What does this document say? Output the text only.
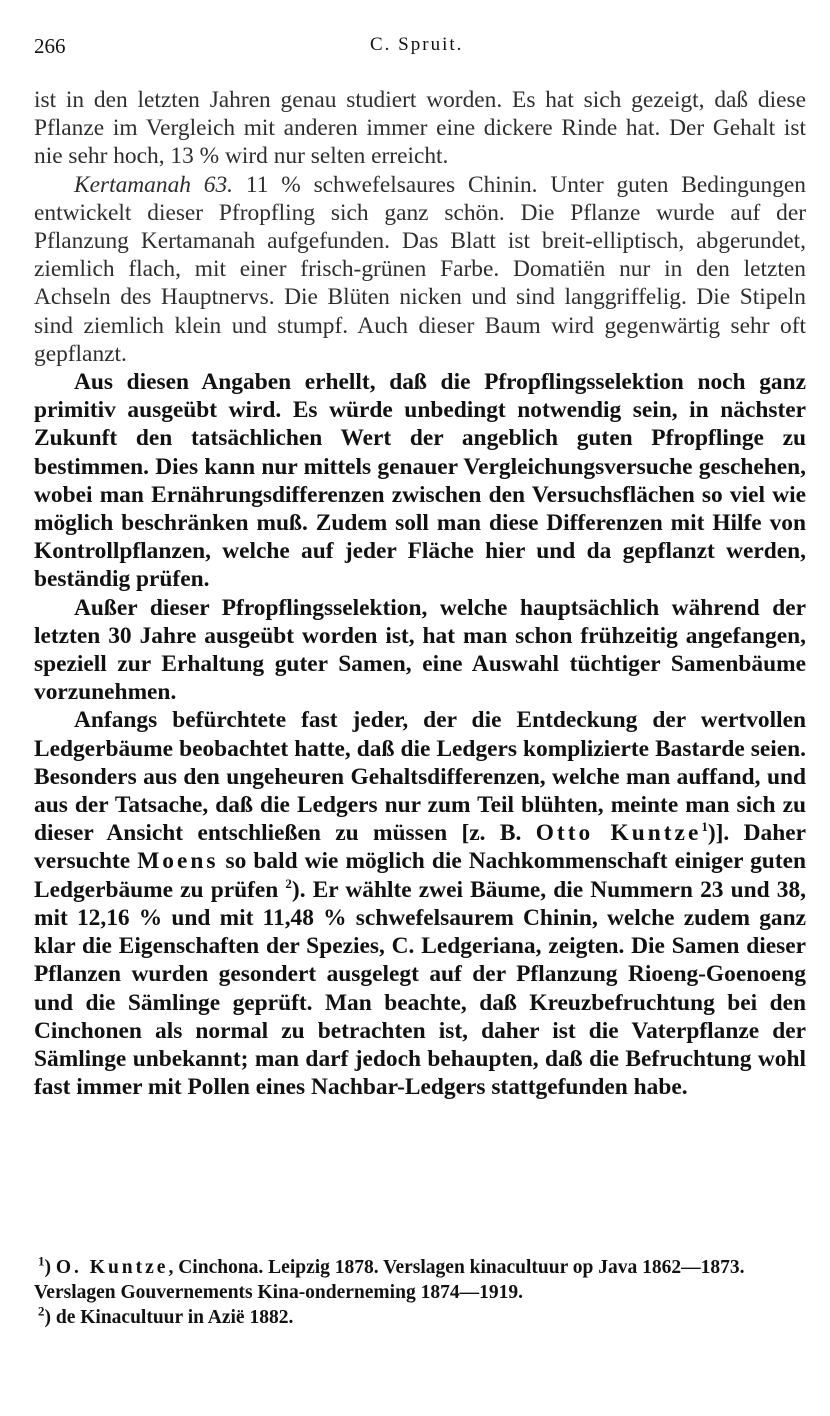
266	C. Spruit.

ist in den letzten Jahren genau studiert worden. Es hat sich gezeigt, daß diese Pflanze im Vergleich mit anderen immer eine dickere Rinde hat. Der Gehalt ist nie sehr hoch, 13 % wird nur selten erreicht.

Kertamanah 63. 11 % schwefelsaures Chinin. Unter guten Bedingungen entwickelt dieser Pfropfling sich ganz schön. Die Pflanze wurde auf der Pflanzung Kertamanah aufgefunden. Das Blatt ist breit-elliptisch, abgerundet, ziemlich flach, mit einer frisch-grünen Farbe. Domatiën nur in den letzten Achseln des Hauptnervs. Die Blüten nicken und sind langgriffelig. Die Stipeln sind ziemlich klein und stumpf. Auch dieser Baum wird gegenwärtig sehr oft gepflanzt.

Aus diesen Angaben erhellt, daß die Pfropflingsselektion noch ganz primitiv ausgeübt wird. Es würde unbedingt notwendig sein, in nächster Zukunft den tatsächlichen Wert der angeblich guten Pfropflinge zu bestimmen. Dies kann nur mittels genauer Vergleichungsversuche geschehen, wobei man Ernährungsdifferenzen zwischen den Versuchsflächen so viel wie möglich beschränken muß. Zudem soll man diese Differenzen mit Hilfe von Kontrollpflanzen, welche auf jeder Fläche hier und da gepflanzt werden, beständig prüfen.

Außer dieser Pfropflingsselektion, welche hauptsächlich während der letzten 30 Jahre ausgeübt worden ist, hat man schon frühzeitig angefangen, speziell zur Erhaltung guter Samen, eine Auswahl tüchtiger Samenbäume vorzunehmen.

Anfangs befürchtete fast jeder, der die Entdeckung der wertvollen Ledgerbäume beobachtet hatte, daß die Ledgers komplizierte Bastarde seien. Besonders aus den ungeheuren Gehaltsdifferenzen, welche man auffand, und aus der Tatsache, daß die Ledgers nur zum Teil blühten, meinte man sich zu dieser Ansicht entschließen zu müssen [z. B. Otto Kuntze$^1$)]. Daher versuchte Moens so bald wie möglich die Nachkommenschaft einiger guten Ledgerbäume zu prüfen $^2$). Er wählte zwei Bäume, die Nummern 23 und 38, mit 12,16 % und mit 11,48 % schwefelsaurem Chinin, welche zudem ganz klar die Eigenschaften der Spezies, C. Ledgeriana, zeigten. Die Samen dieser Pflanzen wurden gesondert ausgelegt auf der Pflanzung Rioeng-Goenoeng und die Sämlinge geprüft. Man beachte, daß Kreuzbefruchtung bei den Cinchonen als normal zu betrachten ist, daher ist die Vaterpflanze der Sämlinge unbekannt; man darf jedoch behaupten, daß die Befruchtung wohl fast immer mit Pollen eines Nachbar-Ledgers stattgefunden habe.

$^1$) O. Kuntze, Cinchona. Leipzig 1878. Verslagen kinacultuur op Java 1862—1873. Verslagen Gouvernements Kina-onderneming 1874—1919.

$^2$) de Kinacultuur in Azië 1882.
